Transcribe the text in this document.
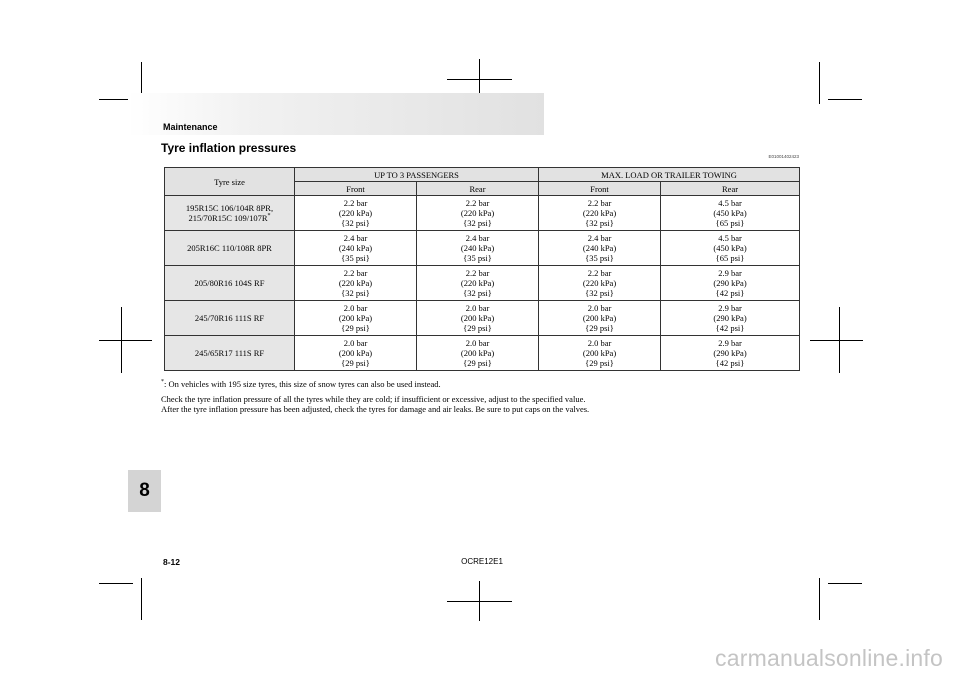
Maintenance
Tyre inflation pressures
E01001402423
Tyre size	UP TO 3 PASSENGERS		MAX. LOAD OR TRAILER TOWING	
	Front	Rear	Front	Rear

195R15C 106/104R 8PR,
215/70R15C 109/107R*	2.2 bar
(220 kPa)
{32 psi}	2.2 bar
(220 kPa)
{32 psi}	2.2 bar
(220 kPa)
{32 psi}	4.5 bar
(450 kPa)
{65 psi}

205R16C 110/108R 8PR	2.4 bar
(240 kPa)
{35 psi}	2.4 bar
(240 kPa)
{35 psi}	2.4 bar
(240 kPa)
{35 psi}	4.5 bar
(450 kPa)
{65 psi}

205/80R16 104S RF	2.2 bar
(220 kPa)
{32 psi}	2.2 bar
(220 kPa)
{32 psi}	2.2 bar
(220 kPa)
{32 psi}	2.9 bar
(290 kPa)
{42 psi}

245/70R16 111S RF	2.0 bar
(200 kPa)
{29 psi}	2.0 bar
(200 kPa)
{29 psi}	2.0 bar
(200 kPa)
{29 psi}	2.9 bar
(290 kPa)
{42 psi}

245/65R17 111S RF	2.0 bar
(200 kPa)
{29 psi}	2.0 bar
(200 kPa)
{29 psi}	2.0 bar
(200 kPa)
{29 psi}	2.9 bar
(290 kPa)
{42 psi}
*: On vehicles with 195 size tyres, this size of snow tyres can also be used instead.
Check the tyre inflation pressure of all the tyres while they are cold; if insufficient or excessive, adjust to the specified value.
After the tyre inflation pressure has been adjusted, check the tyres for damage and air leaks. Be sure to put caps on the valves.
8
8-12	OCRE12E1
carmanualsonline.info
